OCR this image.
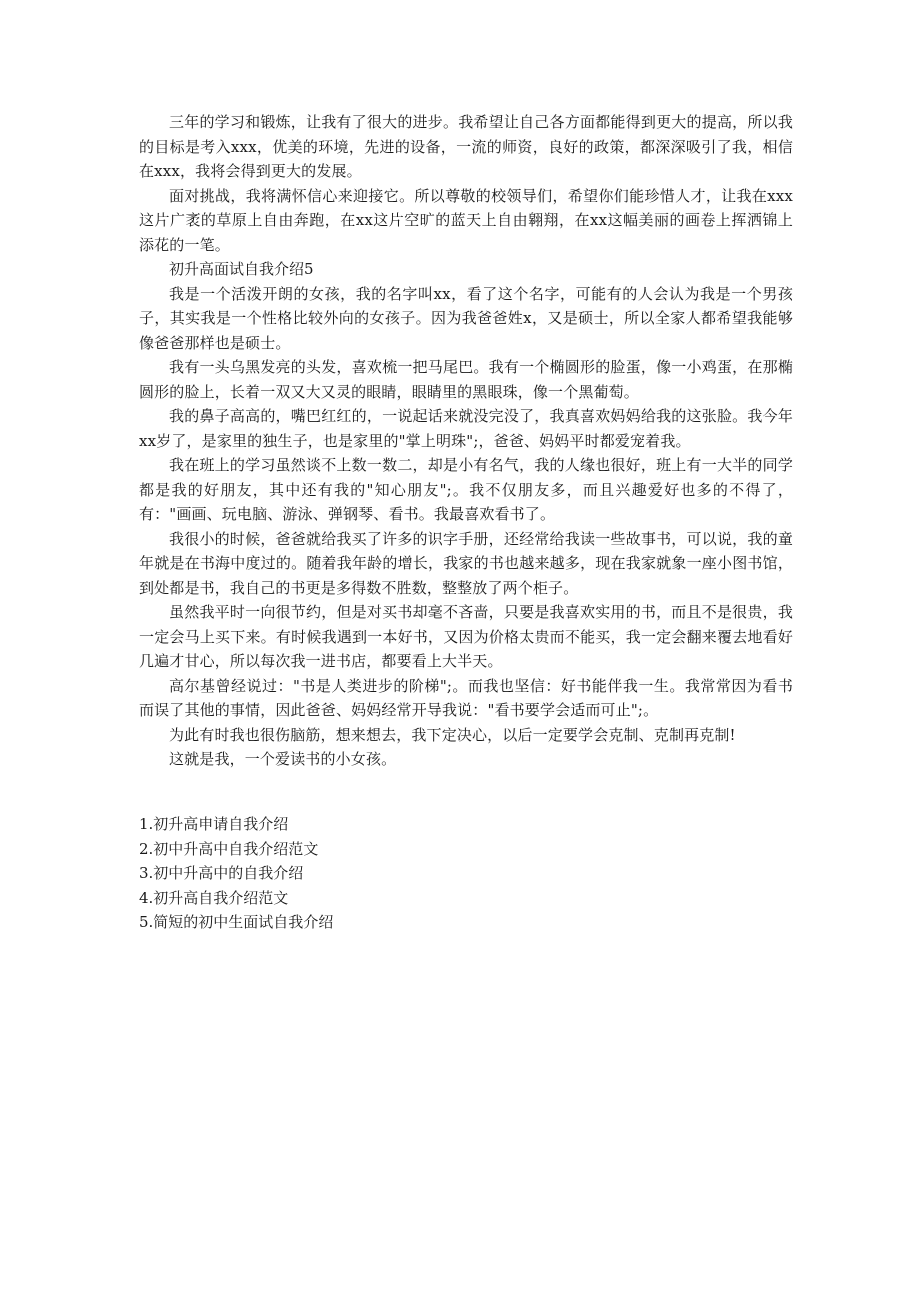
三年的学习和锻炼，让我有了很大的进步。我希望让自己各方面都能得到更大的提高，所以我的目标是考入xxx，优美的环境，先进的设备，一流的师资，良好的政策，都深深吸引了我，相信在xxx，我将会得到更大的发展。

面对挑战，我将满怀信心来迎接它。所以尊敬的校领导们，希望你们能珍惜人才，让我在xxx这片广袤的草原上自由奔跑，在xx这片空旷的蓝天上自由翱翔，在xx这幅美丽的画卷上挥洒锦上添花的一笔。

初升高面试自我介绍5

我是一个活泼开朗的女孩，我的名字叫xx，看了这个名字，可能有的人会认为我是一个男孩子，其实我是一个性格比较外向的女孩子。因为我爸爸姓x，又是硕士，所以全家人都希望我能够像爸爸那样也是硕士。

我有一头乌黑发亮的头发，喜欢梳一把马尾巴。我有一个椭圆形的脸蛋，像一小鸡蛋，在那椭圆形的脸上，长着一双又大又灵的眼睛，眼睛里的黑眼珠，像一个黑葡萄。

我的鼻子高高的，嘴巴红红的，一说起话来就没完没了，我真喜欢妈妈给我的这张脸。我今年xx岁了，是家里的独生子，也是家里的"掌上明珠";，爸爸、妈妈平时都爱宠着我。

我在班上的学习虽然谈不上数一数二，却是小有名气，我的人缘也很好，班上有一大半的同学都是我的好朋友，其中还有我的"知心朋友";。我不仅朋友多，而且兴趣爱好也多的不得了，有："画画、玩电脑、游泳、弹钢琴、看书。我最喜欢看书了。

我很小的时候，爸爸就给我买了许多的识字手册，还经常给我读一些故事书，可以说，我的童年就是在书海中度过的。随着我年龄的增长，我家的书也越来越多，现在我家就象一座小图书馆，到处都是书，我自己的书更是多得数不胜数，整整放了两个柜子。

虽然我平时一向很节约，但是对买书却毫不吝啬，只要是我喜欢实用的书，而且不是很贵，我一定会马上买下来。有时候我遇到一本好书，又因为价格太贵而不能买，我一定会翻来覆去地看好几遍才甘心，所以每次我一进书店，都要看上大半天。

高尔基曾经说过："书是人类进步的阶梯";。而我也坚信：好书能伴我一生。我常常因为看书而误了其他的事情，因此爸爸、妈妈经常开导我说："看书要学会适而可止";。

为此有时我也很伤脑筋，想来想去，我下定决心，以后一定要学会克制、克制再克制!

这就是我，一个爱读书的小女孩。

1.初升高申请自我介绍
2.初中升高中自我介绍范文
3.初中升高中的自我介绍
4.初升高自我介绍范文
5.简短的初中生面试自我介绍
